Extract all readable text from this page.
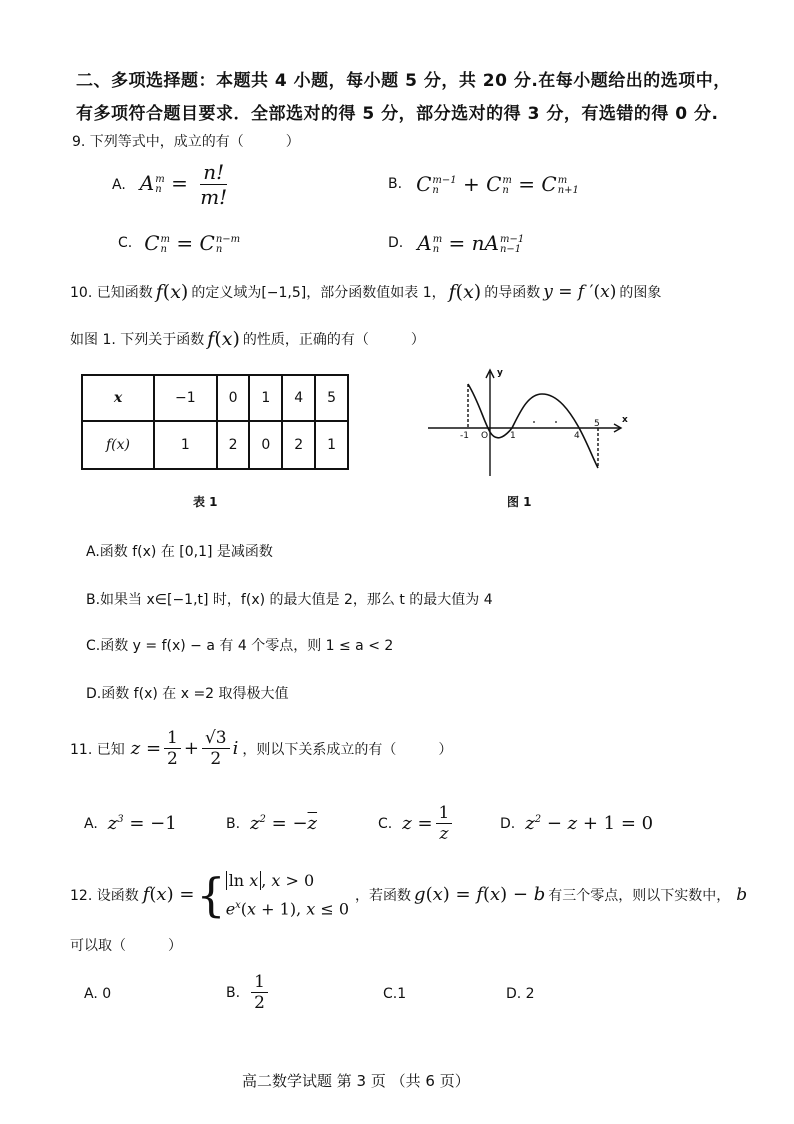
二、多项选择题：本题共 4 小题，每小题 5 分，共 20 分.在每小题给出的选项中，
有多项符合题目要求．全部选对的得 5 分，部分选对的得 3 分，有选错的得 0 分.
9. 下列等式中，成立的有（　　　）
A. A m
$n = \frac{n!}{m!}$	B. C m−1
n	+ C m
n = C m
n+1
C. C m
n = C n−m
n	D. A m
n = nA m−1
n−1
10. 已知函数 f(x) 的定义域为[−1,5]，部分函数值如表 1， f(x) 的导函数 y = f ′(x) 的图象
如图 1. 下列关于函数 f(x) 的性质，正确的有（　　　）
x	−1	0	1	4	5
f(x)	1	2	0	2	1
表 1
y
x
-1 O 1	4
5
图 1
A.函数 f(x) 在 [0,1] 是减函数
B.如果当 x∈[−1,t] 时，f(x) 的最大值是 2，那么 t 的最大值为 4
C.函数 y = f(x) − a 有 4 个零点，则 1 ≤ a < 2
D.函数 f(x) 在 x =2 取得极大值
11. 已知 $z = \frac{1}{2} + \frac{√3}{2}$ i ，则以下关系成立的有（　　　）
A. $z^3 = -1$	B. $z^2 = -\overline{z}$	C. $z = \frac{1}{z}$	D. $z^2 - z + 1 = 0$
12. 设函数 f(x) = { ln x , x > 0
$e^x(x + 1)$, x ≤ 0
，若函数 g(x) = f(x) − b 有三个零点，则以下实数中， b
可以取（　　　）
A. 0	B. $\frac{1}{2}$	C.1	D. 2
高二数学试题 第 3 页 （共 6 页）
